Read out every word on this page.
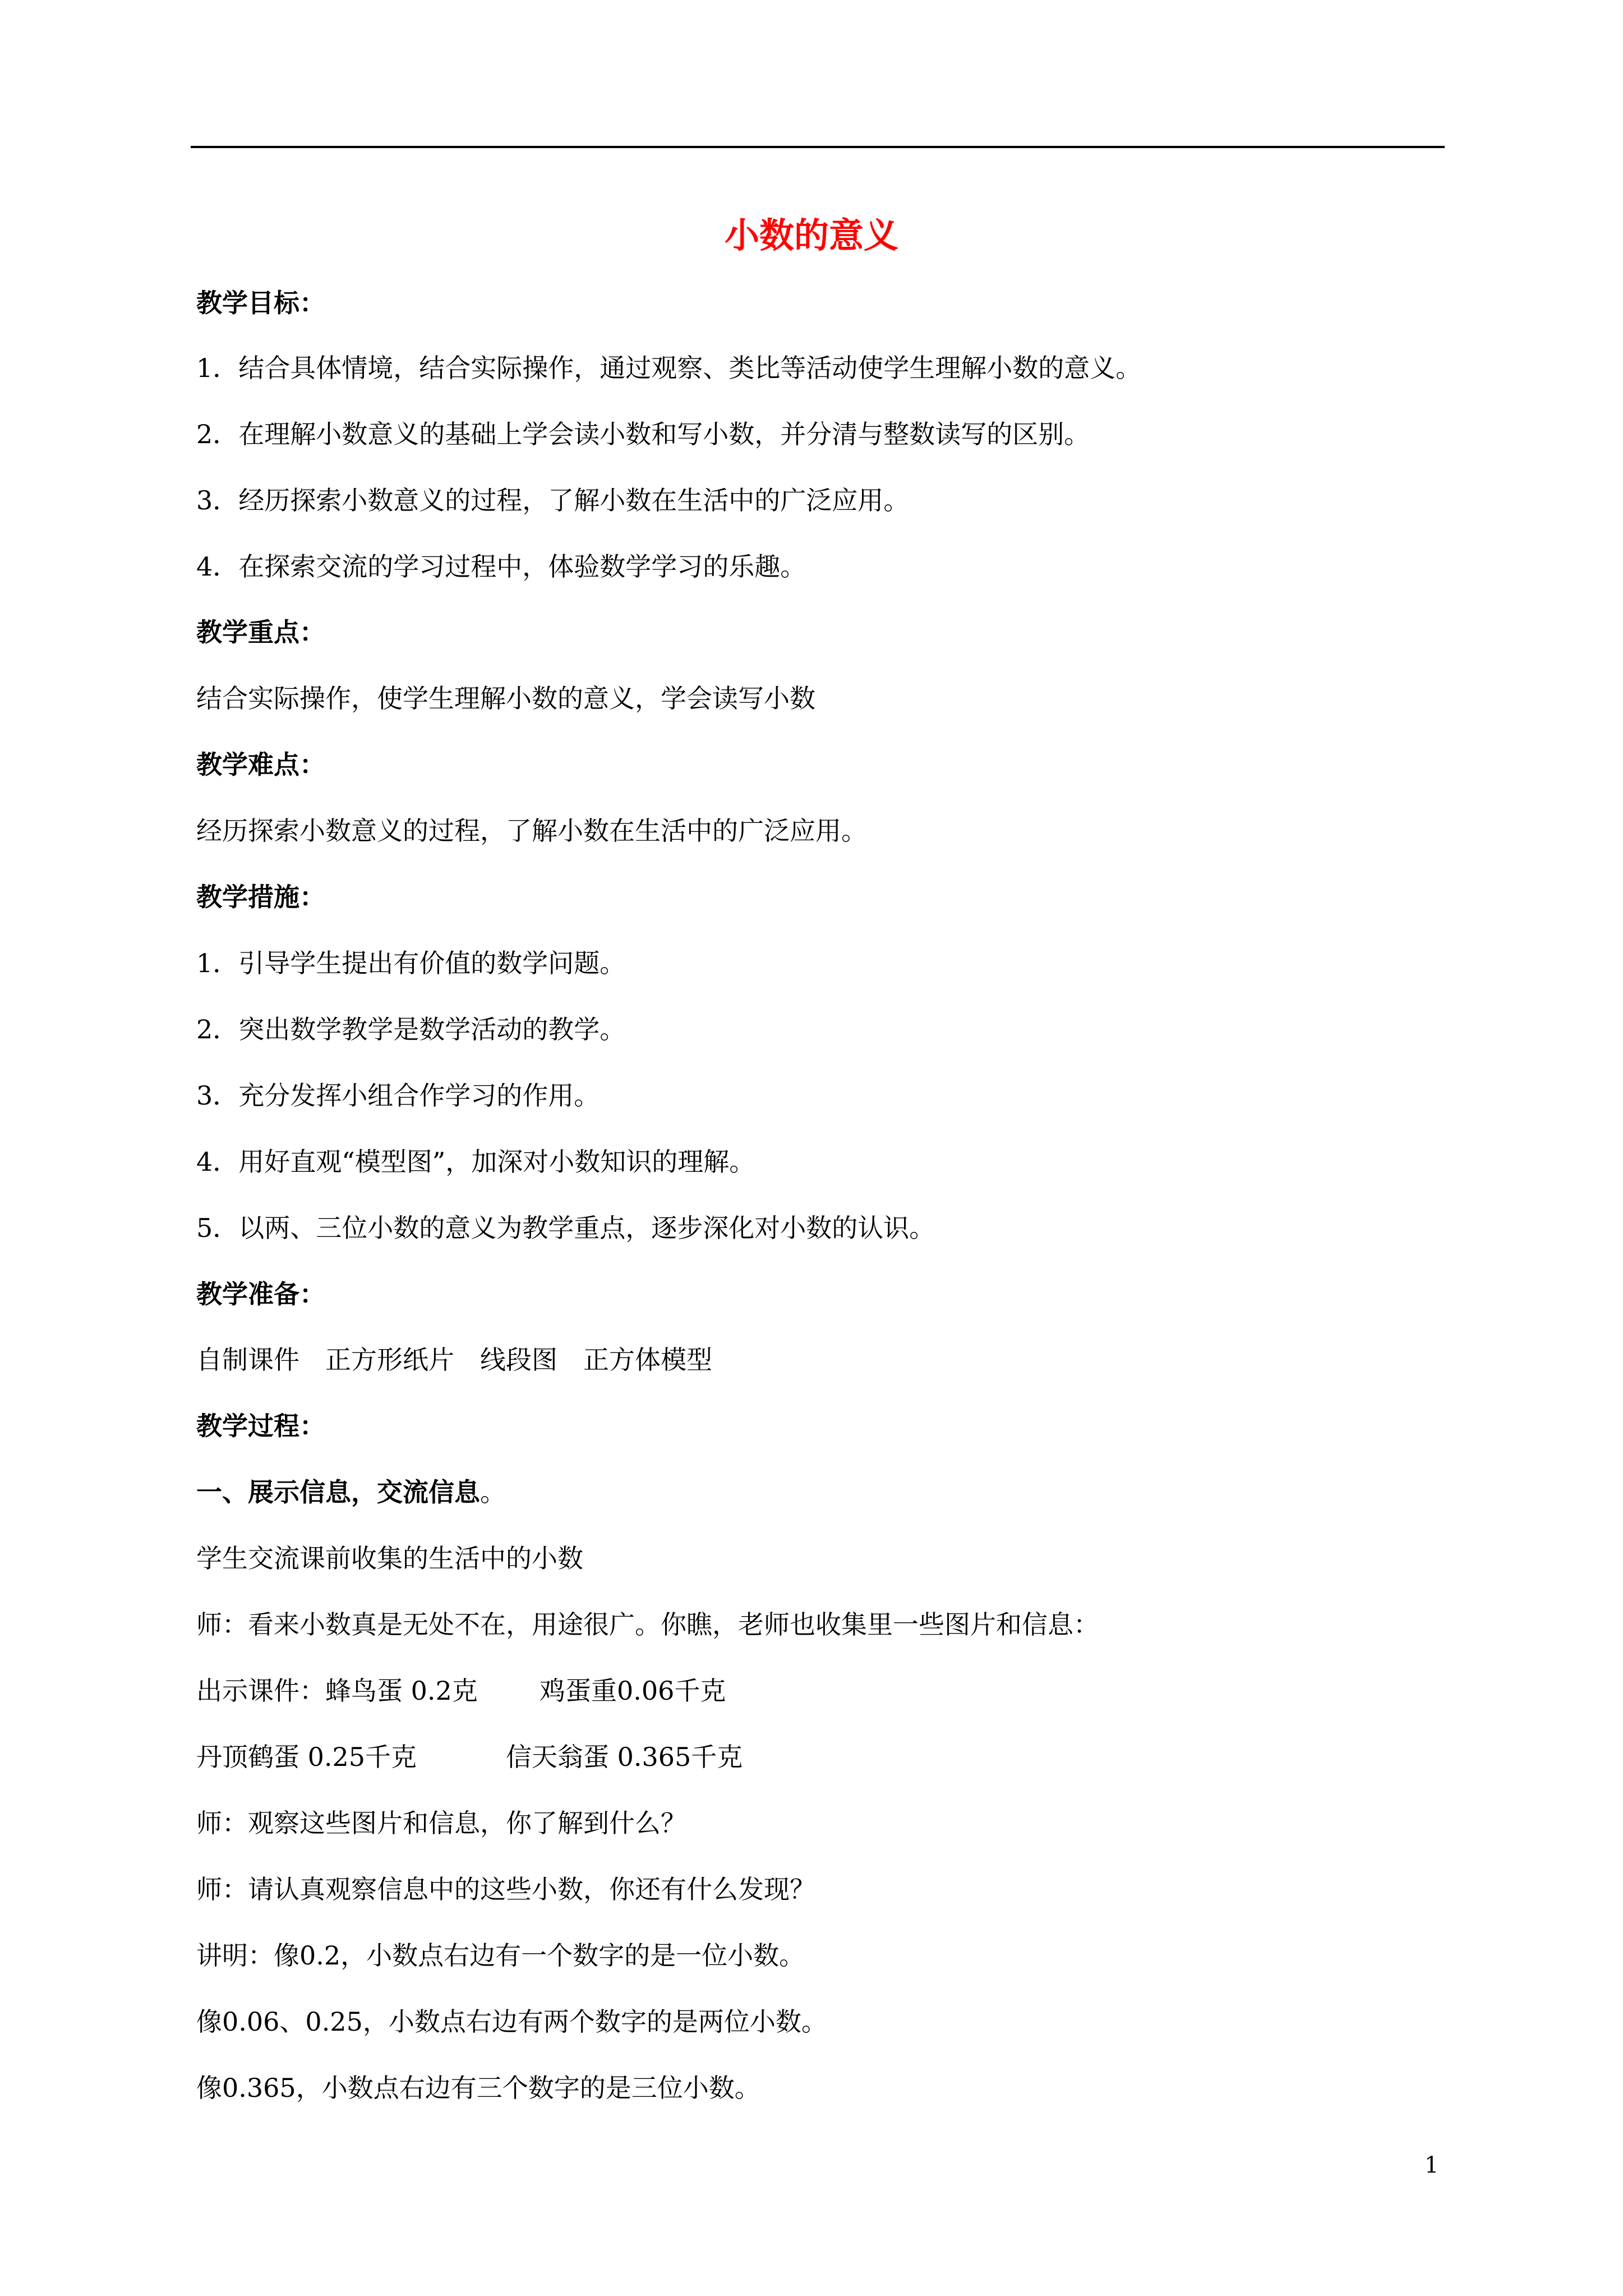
小数的意义
教学目标：
1．结合具体情境，结合实际操作，通过观察、类比等活动使学生理解小数的意义。
2．在理解小数意义的基础上学会读小数和写小数，并分清与整数读写的区别。
3．经历探索小数意义的过程，了解小数在生活中的广泛应用。
4．在探索交流的学习过程中，体验数学学习的乐趣。
教学重点：
结合实际操作，使学生理解小数的意义，学会读写小数
教学难点：
经历探索小数意义的过程，了解小数在生活中的广泛应用。
教学措施：
1．引导学生提出有价值的数学问题。
2．突出数学教学是数学活动的教学。
3．充分发挥小组合作学习的作用。
4．用好直观“模型图”，加深对小数知识的理解。
5．以两、三位小数的意义为教学重点，逐步深化对小数的认识。
教学准备：
自制课件 正方形纸片 线段图 正方体模型
教学过程：
一、展示信息，交流信息。
学生交流课前收集的生活中的小数
师：看来小数真是无处不在，用途很广。你瞧，老师也收集里一些图片和信息：
出示课件：蜂鸟蛋 0.2克 鸡蛋重0.06千克
丹顶鹤蛋 0.25千克	信天翁蛋 0.365千克
师：观察这些图片和信息，你了解到什么？
师：请认真观察信息中的这些小数，你还有什么发现？
讲明：像0.2，小数点右边有一个数字的是一位小数。
像0.06、0.25，小数点右边有两个数字的是两位小数。
像0.365，小数点右边有三个数字的是三位小数。
1
